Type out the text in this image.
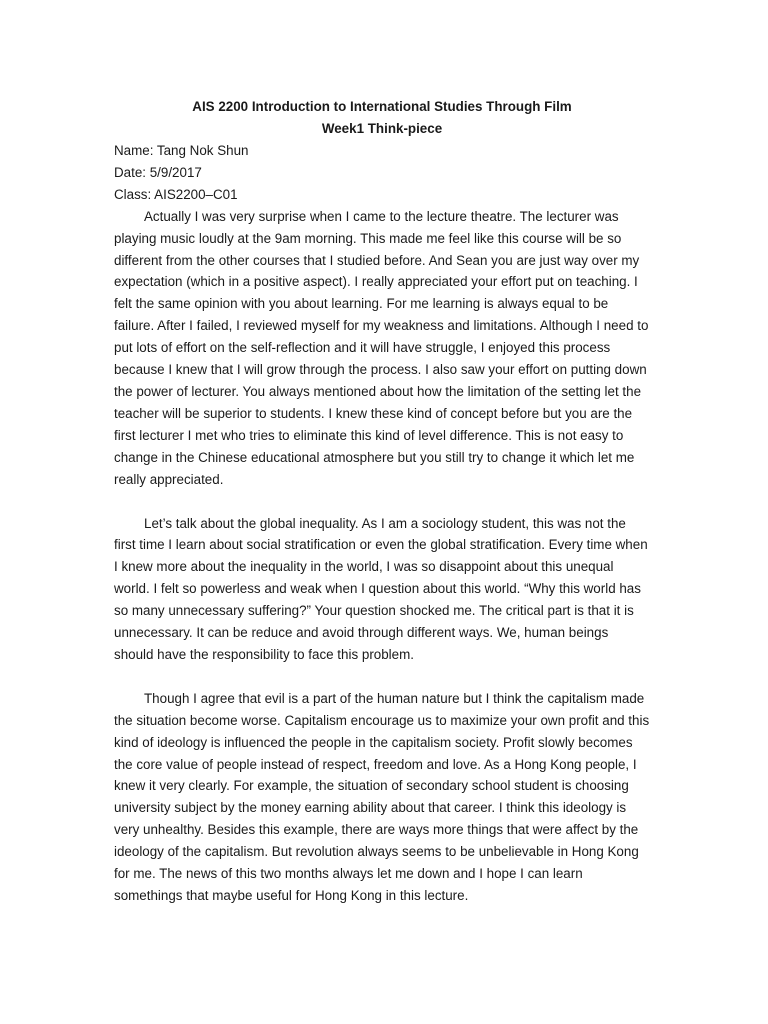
AIS 2200 Introduction to International Studies Through Film

Week1 Think-piece

Name: Tang Nok Shun

Date: 5/9/2017

Class: AIS2200–C01

Actually I was very surprise when I came to the lecture theatre. The lecturer was playing music loudly at the 9am morning. This made me feel like this course will be so different from the other courses that I studied before. And Sean you are just way over my expectation (which in a positive aspect). I really appreciated your effort put on teaching. I felt the same opinion with you about learning. For me learning is always equal to be failure. After I failed, I reviewed myself for my weakness and limitations. Although I need to put lots of effort on the self-reflection and it will have struggle, I enjoyed this process because I knew that I will grow through the process. I also saw your effort on putting down the power of lecturer. You always mentioned about how the limitation of the setting let the teacher will be superior to students. I knew these kind of concept before but you are the first lecturer I met who tries to eliminate this kind of level difference. This is not easy to change in the Chinese educational atmosphere but you still try to change it which let me really appreciated.

Let’s talk about the global inequality. As I am a sociology student, this was not the first time I learn about social stratification or even the global stratification. Every time when I knew more about the inequality in the world, I was so disappoint about this unequal world. I felt so powerless and weak when I question about this world. “Why this world has so many unnecessary suffering?” Your question shocked me. The critical part is that it is unnecessary. It can be reduce and avoid through different ways. We, human beings should have the responsibility to face this problem.

Though I agree that evil is a part of the human nature but I think the capitalism made the situation become worse. Capitalism encourage us to maximize your own profit and this kind of ideology is influenced the people in the capitalism society. Profit slowly becomes the core value of people instead of respect, freedom and love. As a Hong Kong people, I knew it very clearly. For example, the situation of secondary school student is choosing university subject by the money earning ability about that career. I think this ideology is very unhealthy. Besides this example, there are ways more things that were affect by the ideology of the capitalism. But revolution always seems to be unbelievable in Hong Kong for me. The news of this two months always let me down and I hope I can learn somethings that maybe useful for Hong Kong in this lecture.
